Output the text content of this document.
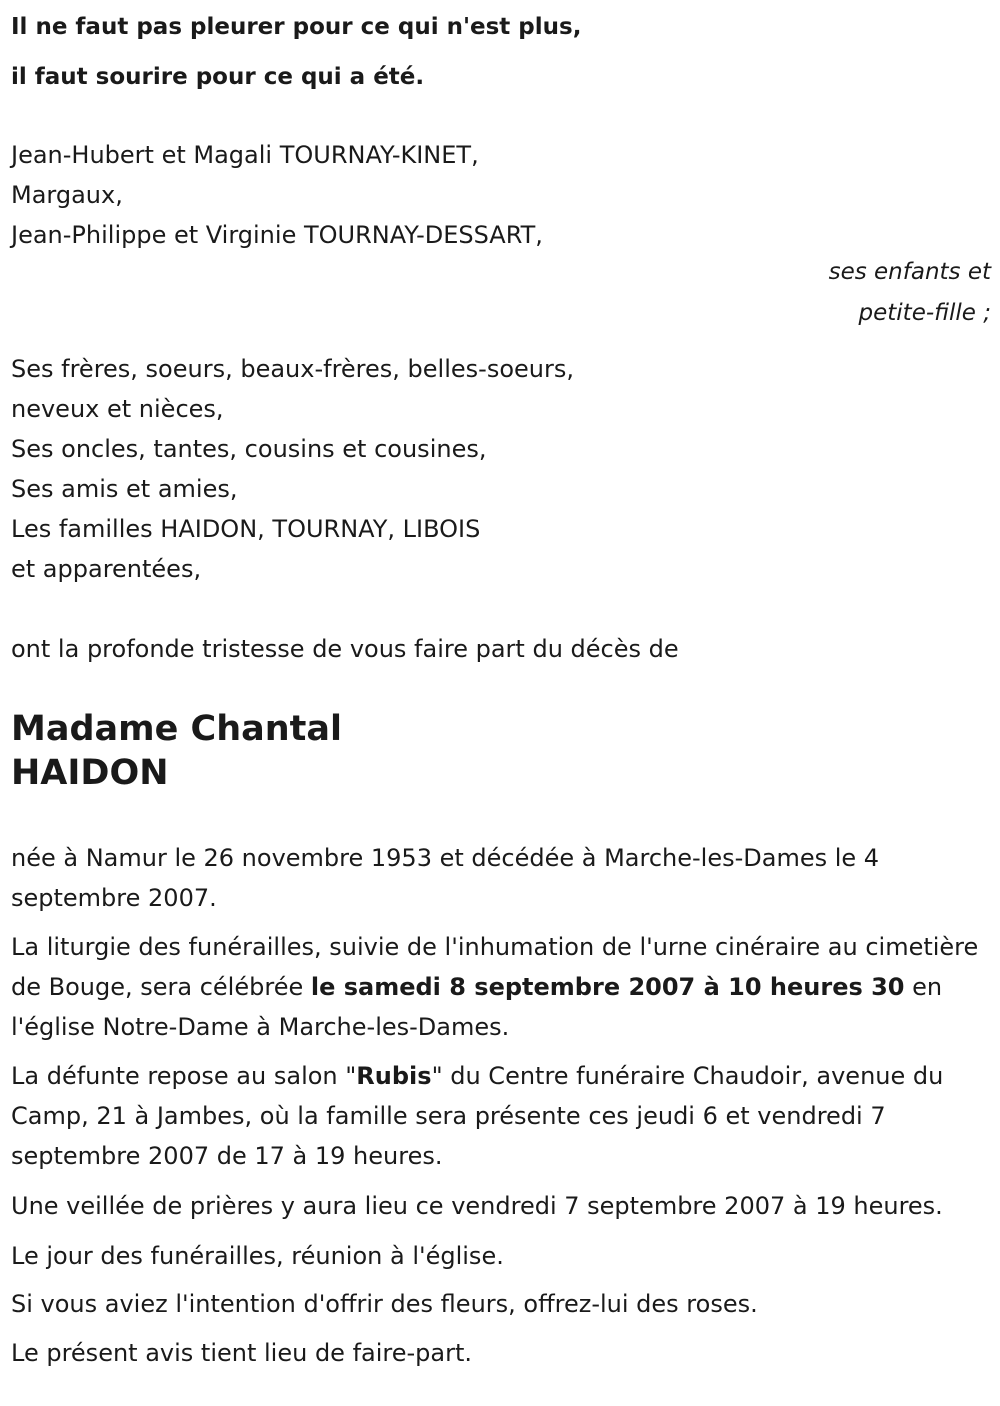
Il ne faut pas pleurer pour ce qui n'est plus,
il faut sourire pour ce qui a été.
Jean-Hubert et Magali TOURNAY-KINET,
Margaux,
Jean-Philippe et Virginie TOURNAY-DESSART,
ses enfants et
petite-fille ;
Ses frères, soeurs, beaux-frères, belles-soeurs,
neveux et nièces,
Ses oncles, tantes, cousins et cousines,
Ses amis et amies,
Les familles HAIDON, TOURNAY, LIBOIS
et apparentées,

ont la profonde tristesse de vous faire part du décès de

Madame Chantal
HAIDON

née à Namur le 26 novembre 1953 et décédée à Marche-les-Dames le 4 septembre 2007.

La liturgie des funérailles, suivie de l'inhumation de l'urne cinéraire au cimetière de Bouge, sera célébrée le samedi 8 septembre 2007 à 10 heures 30 en l'église Notre-Dame à Marche-les-Dames.

La défunte repose au salon "Rubis" du Centre funéraire Chaudoir, avenue du Camp, 21 à Jambes, où la famille sera présente ces jeudi 6 et vendredi 7 septembre 2007 de 17 à 19 heures.

Une veillée de prières y aura lieu ce vendredi 7 septembre 2007 à 19 heures.

Le jour des funérailles, réunion à l'église.

Si vous aviez l'intention d'offrir des fleurs, offrez-lui des roses.

Le présent avis tient lieu de faire-part.
